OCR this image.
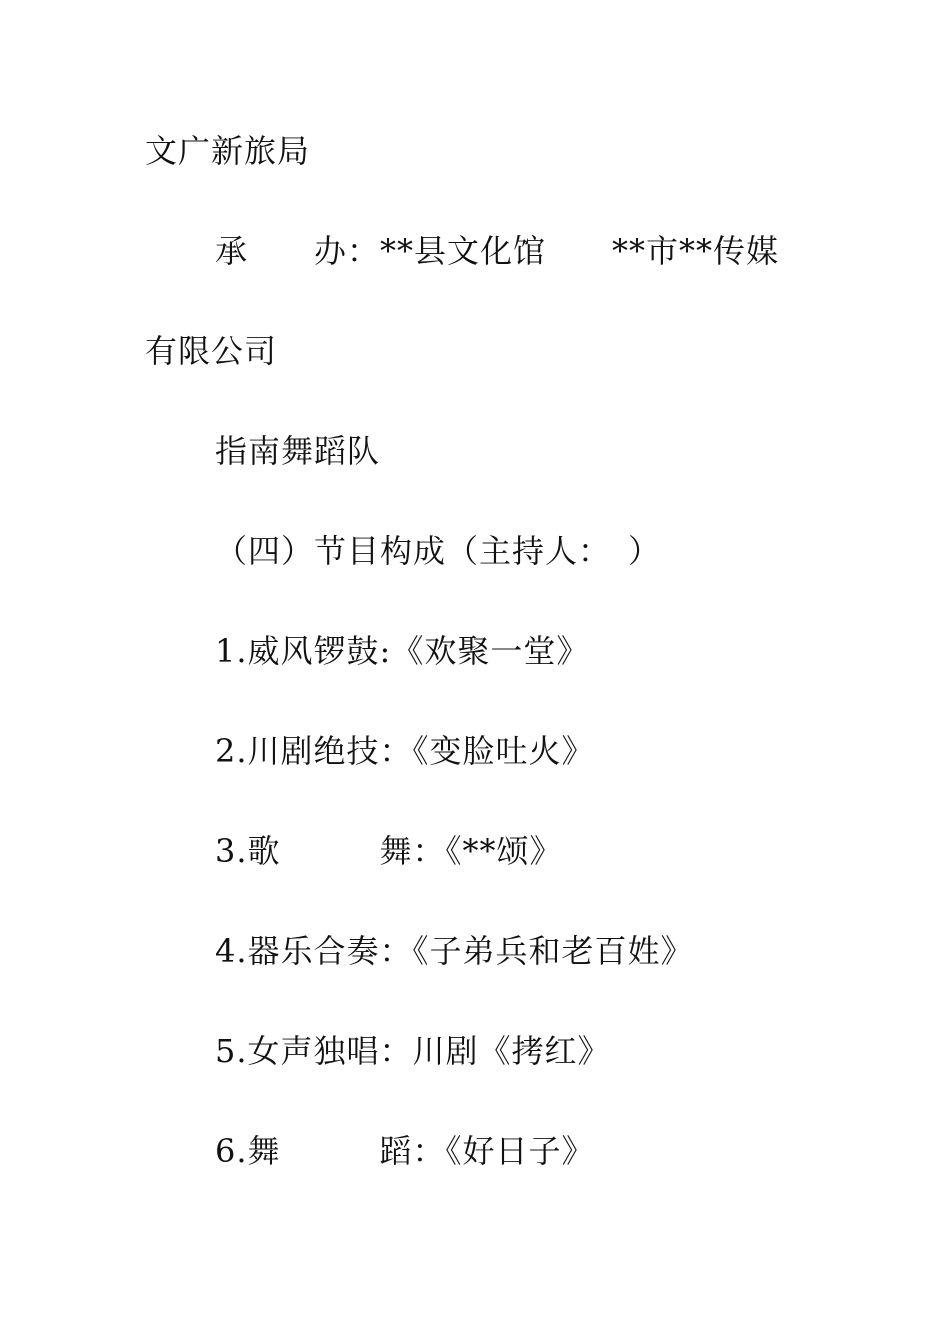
文广新旅局
承　　办：**县文化馆　　**市**传媒
有限公司
指南舞蹈队
（四）节目构成（主持人：　）
1.威风锣鼓:《欢聚一堂》
2.川剧绝技：《变脸吐火》
3.歌　　　舞：《**颂》
4.器乐合奏：《子弟兵和老百姓》
5.女声独唱：川剧《拷红》
6.舞　　　蹈：《好日子》
